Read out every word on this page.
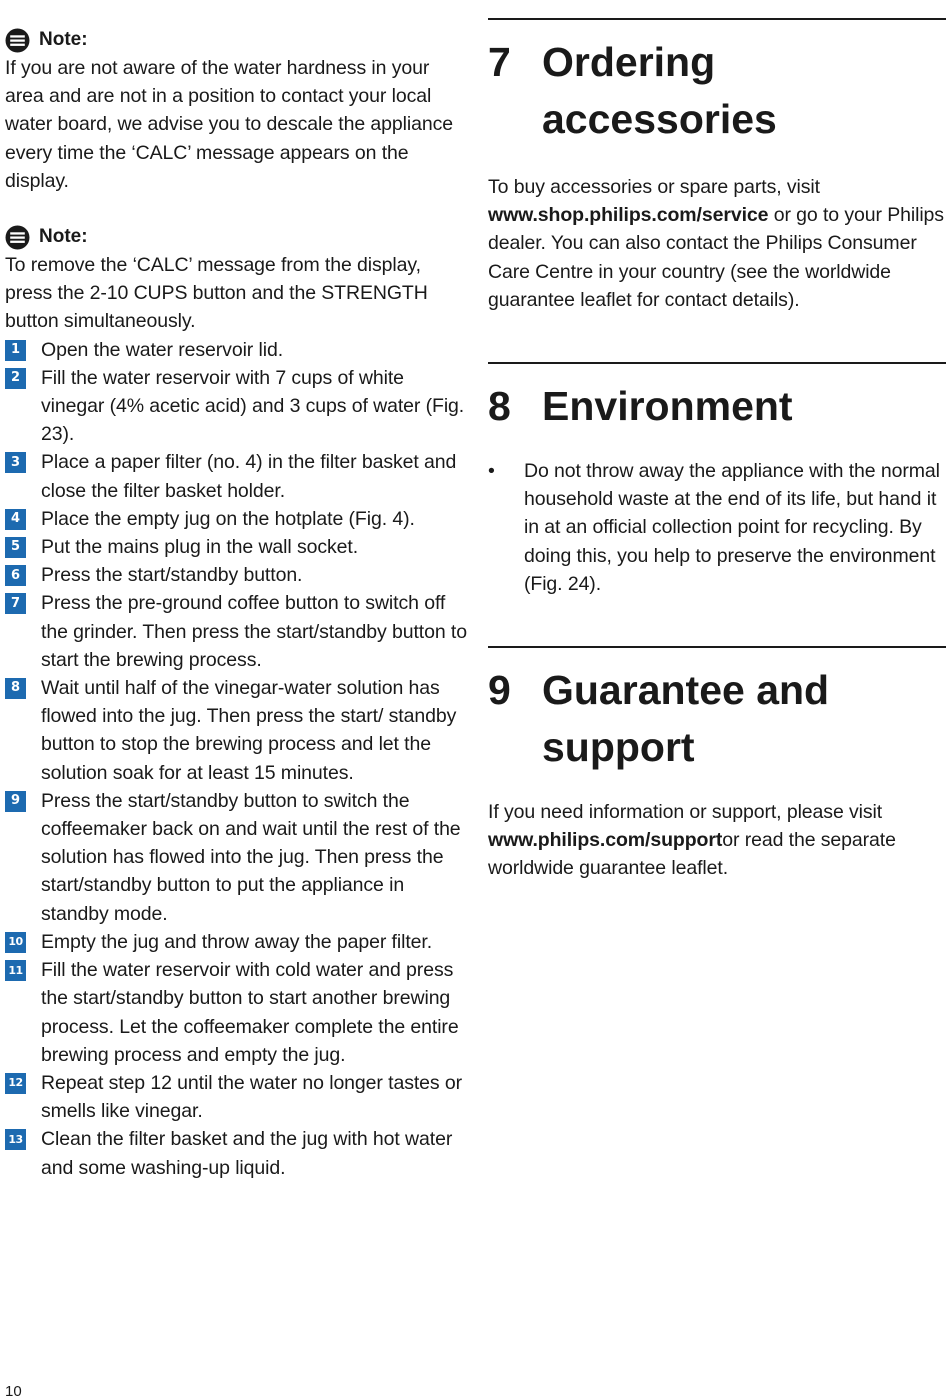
Note:

If you are not aware of the water hardness in your area and are not in a position to contact your local water board, we advise you to descale the appliance every time the ‘CALC’ message appears on the display.

Note:

To remove the ‘CALC’ message from the display, press the 2-10 CUPS button and the STRENGTH button simultaneously.

1	Open the water reservoir lid.
2	Fill the water reservoir with 7 cups of white vinegar (4% acetic acid) and 3 cups of water (Fig. 23).
3	Place a paper filter (no. 4) in the filter basket and close the filter basket holder.
4	Place the empty jug on the hotplate (Fig. 4).
5	Put the mains plug in the wall socket.
6	Press the start/standby button.
7	Press the pre-ground coffee button to switch off the grinder. Then press the start/standby button to start the brewing process.
8	Wait until half of the vinegar-water solution has flowed into the jug. Then press the start/ standby button to stop the brewing process and let the solution soak for at least 15 minutes.
9	Press the start/standby button to switch the coffeemaker back on and wait until the rest of the solution has flowed into the jug. Then press the start/standby button to put the appliance in standby mode.
10 Empty the jug and throw away the paper filter.
11 Fill the water reservoir with cold water and press the start/standby button to start another brewing process. Let the coffeemaker complete the entire brewing process and empty the jug.
12 Repeat step 12 until the water no longer tastes or smells like vinegar.
13 Clean the filter basket and the jug with hot water and some washing-up liquid.
7 Ordering accessories

To buy accessories or spare parts, visit www.shop.philips.com/service or go to your Philips dealer. You can also contact the Philips Consumer Care Centre in your country (see the worldwide guarantee leaflet for contact details).

8 Environment
•	Do not throw away the appliance with the normal household waste at the end of its life, but hand it in at an official collection point for recycling. By doing this, you help to preserve the environment (Fig. 24).
9 Guarantee and support

If you need information or support, please visit www.philips.com/supportor read the separate worldwide guarantee leaflet.

10
